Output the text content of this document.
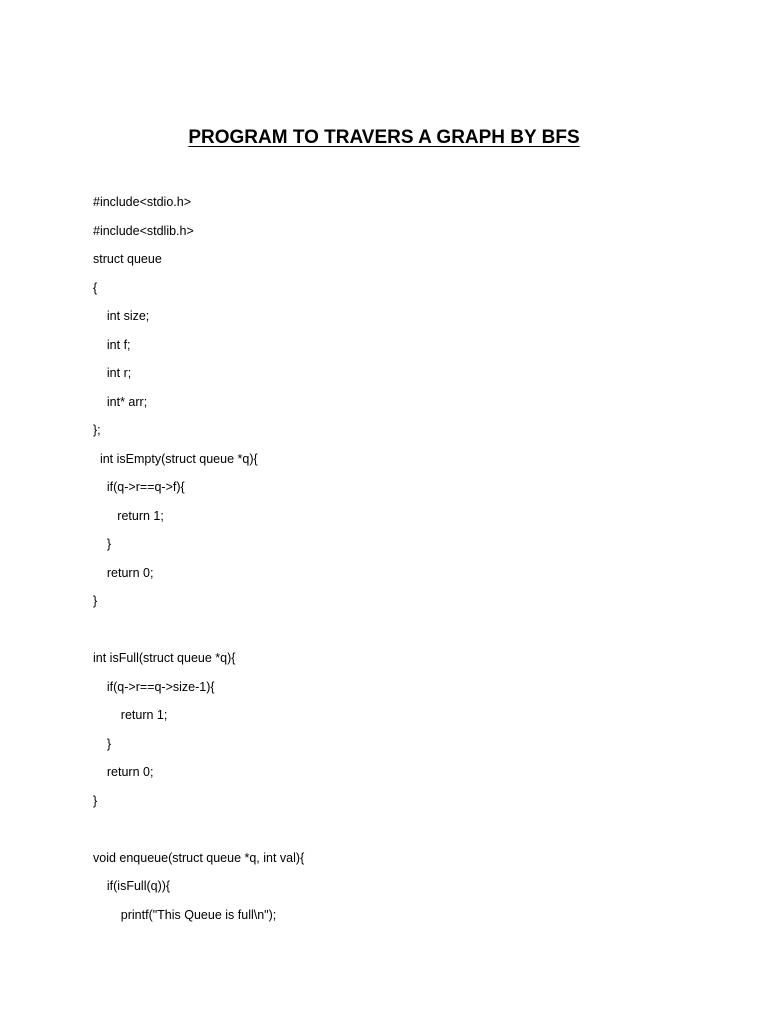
PROGRAM TO TRAVERS A GRAPH BY BFS
#include<stdio.h>
#include<stdlib.h>
struct queue
{
int size;
int f;
int r;
int* arr;
};
int isEmpty(struct queue *q){
if(q->r==q->f){
return 1;
}
return 0;
}
int isFull(struct queue *q){
if(q->r==q->size-1){
return 1;
}
return 0;
}
void enqueue(struct queue *q, int val){
if(isFull(q)){
printf("This Queue is full\n");
